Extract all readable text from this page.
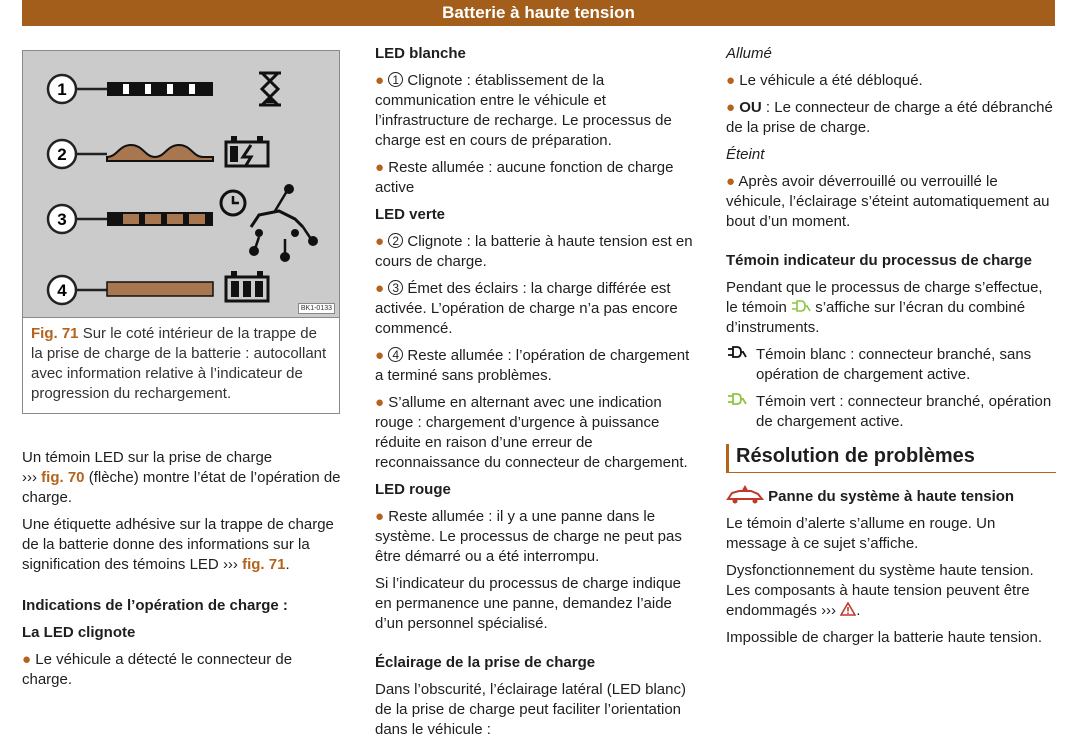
Batterie à haute tension
1
2
3
4
BK1-0133
Fig. 71 Sur le coté intérieur de la trappe de la prise de charge de la batterie : autocollant avec information relative à l’indicateur de progression du rechargement.

Un témoin LED sur la prise de charge
››› fig. 70 (flèche) montre l’état de l’opération de charge.

Une étiquette adhésive sur la trappe de charge de la batterie donne des informations sur la signification des témoins LED ››› fig. 71.

Indications de l’opération de charge :

La LED clignote

● Le véhicule a détecté le connecteur de charge.

LED blanche

● 1 Clignote : établissement de la communication entre le véhicule et l’infrastructure de recharge. Le processus de charge est en cours de préparation.

● Reste allumée : aucune fonction de charge active

LED verte

● 2 Clignote : la batterie à haute tension est en cours de charge.

● 3 Émet des éclairs : la charge différée est activée. L’opération de charge n’a pas encore commencé.

● 4 Reste allumée : l’opération de chargement a terminé sans problèmes.

● S’allume en alternant avec une indication rouge : chargement d’urgence à puissance réduite en raison d’une erreur de reconnaissance du connecteur de chargement.

LED rouge

● Reste allumée : il y a une panne dans le système. Le processus de charge ne peut pas être démarré ou a été interrompu.

Si l’indicateur du processus de charge indique en permanence une panne, demandez l’aide d’un personnel spécialisé.

Éclairage de la prise de charge

Dans l’obscurité, l’éclairage latéral (LED blanc) de la prise de charge peut faciliter l’orientation dans le véhicule :

Allumé

● Le véhicule a été débloqué.

● OU : Le connecteur de charge a été débranché de la prise de charge.

Éteint

● Après avoir déverrouillé ou verrouillé le véhicule, l’éclairage s’éteint automatiquement au bout d’un moment.

Témoin indicateur du processus de charge

Pendant que le processus de charge s’effectue, le témoin s’affiche sur l’écran du combiné d’instruments.

Témoin blanc : connecteur branché, sans opération de chargement active.
Témoin vert : connecteur branché, opération de chargement active.
Résolution de problèmes

Panne du système à haute tension

Le témoin d’alerte s’allume en rouge. Un message à ce sujet s’affiche.

Dysfonctionnement du système haute tension. Les composants à haute tension peuvent être endommagés ››› .

Impossible de charger la batterie haute tension.
